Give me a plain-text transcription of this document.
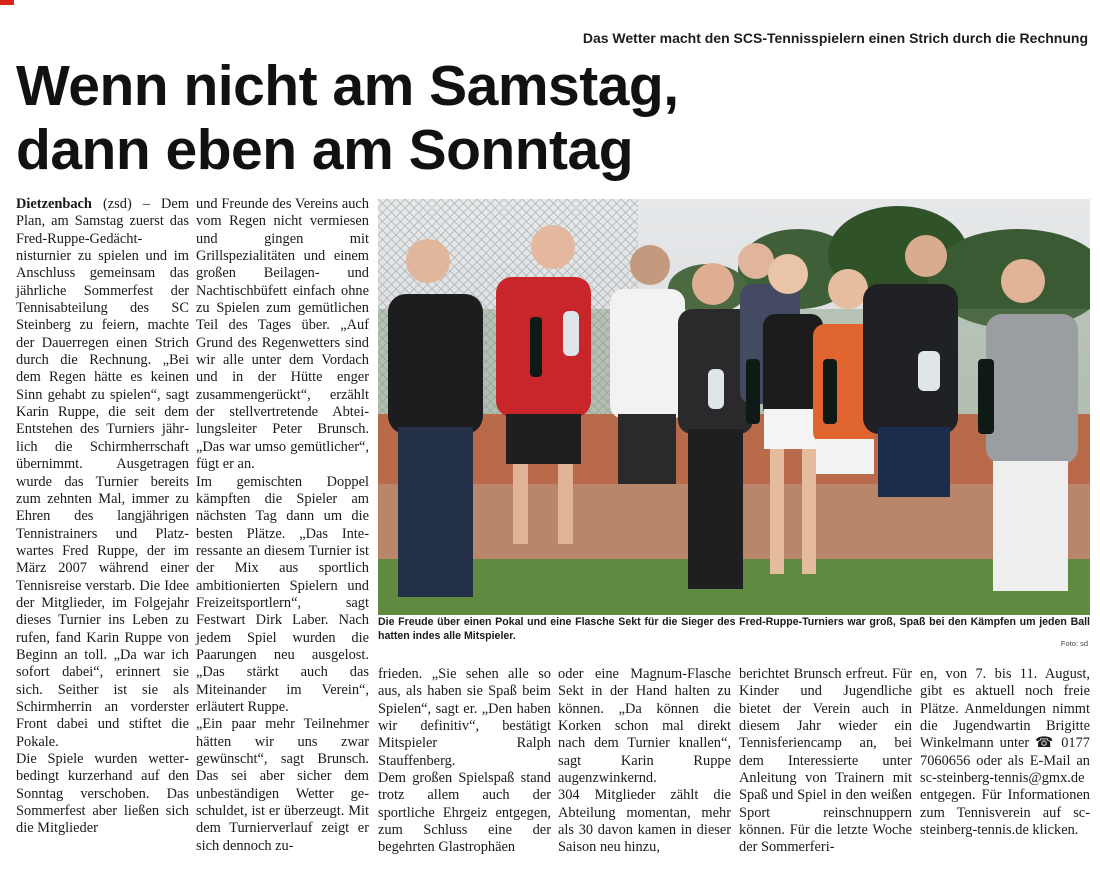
Das Wetter macht den SCS-Tennisspielern einen Strich durch die Rechnung
Wenn nicht am Samstag,
dann eben am Sonntag

Dietzenbach (zsd) – Dem Plan, am Samstag zuerst das Fred-Ruppe-Gedächtnisturnier zu spielen und im Anschluss gemeinsam das jährliche Sommerfest der Tennisabteilung des SC Steinberg zu feiern, machte der Dauerregen einen Strich durch die Rechnung. „Bei dem Regen hätte es keinen Sinn gehabt zu spielen“, sagt Karin Ruppe, die seit dem Entstehen des Turniers jährlich die Schirmherrschaft übernimmt. Ausgetragen wurde das Turnier bereits zum zehnten Mal, immer zu Ehren des langjährigen Tennistrainers und Platzwartes Fred Ruppe, der im März 2007 während einer Tennisreise verstarb. Die Idee der Mitglieder, im Folgejahr dieses Turnier ins Leben zu rufen, fand Karin Ruppe von Beginn an toll. „Da war ich sofort dabei“, erinnert sie sich. Seither ist sie als Schirmherrin an vorderster Front dabei und stiftet die Pokale.

Die Spiele wurden wetterbedingt kurzerhand auf den Sonntag verschoben. Das Sommerfest aber ließen sich die Mitglieder

und Freunde des Vereins auch vom Regen nicht vermiesen und gingen mit Grillspezialitäten und einem großen Beilagen- und Nachtischbüfett einfach ohne zu Spielen zum gemütlichen Teil des Tages über. „Auf Grund des Regenwetters sind wir alle unter dem Vordach und in der Hütte enger zusammengerückt“, erzählt der stellvertretende Abteilungsleiter Peter Brunsch. „Das war umso gemütlicher“, fügt er an.

Im gemischten Doppel kämpften die Spieler am nächsten Tag dann um die besten Plätze. „Das Interessante an diesem Turnier ist der Mix aus sportlich ambitionierten Spielern und Freizeitsportlern“, sagt Festwart Dirk Laber. Nach jedem Spiel wurden die Paarungen neu ausgelost. „Das stärkt auch das Miteinander im Verein“, erläutert Ruppe.

„Ein paar mehr Teilnehmer hätten wir uns zwar gewünscht“, sagt Brunsch. Das sei aber sicher dem unbeständigen Wetter geschuldet, ist er überzeugt. Mit dem Turnierverlauf zeigt er sich dennoch zu-

Die Freude über einen Pokal und eine Flasche Sekt für die Sieger des Fred-Ruppe-Turniers war groß, Spaß bei den Kämpfen um jeden Ball hatten indes alle Mitspieler.
Foto: sd

frieden. „Sie sehen alle so aus, als haben sie Spaß beim Spielen“, sagt er. „Den haben wir definitiv“, bestätigt Mitspieler Ralph Stauffenberg.

Dem großen Spielspaß stand trotz allem auch der sportliche Ehrgeiz entgegen, zum Schluss eine der begehrten Glastrophäen

oder eine Magnum-Flasche Sekt in der Hand halten zu können. „Da können die Korken schon mal direkt nach dem Turnier knallen“, sagt Karin Ruppe augenzwinkernd.

304 Mitglieder zählt die Abteilung momentan, mehr als 30 davon kamen in dieser Saison neu hinzu,

berichtet Brunsch erfreut. Für Kinder und Jugendliche bietet der Verein auch in diesem Jahr wieder ein Tennisferiencamp an, bei dem Interessierte unter Anleitung von Trainern mit Spaß und Spiel in den weißen Sport reinschnuppern können. Für die letzte Woche der Sommerferi-

en, von 7. bis 11. August, gibt es aktuell noch freie Plätze. Anmeldungen nimmt die Jugendwartin Brigitte Winkelmann unter ☎ 0177 7060656 oder als E-Mail an sc-steinberg-tennis@gmx.de entgegen. Für Informationen zum Tennisverein auf sc-steinberg-tennis.de klicken.
